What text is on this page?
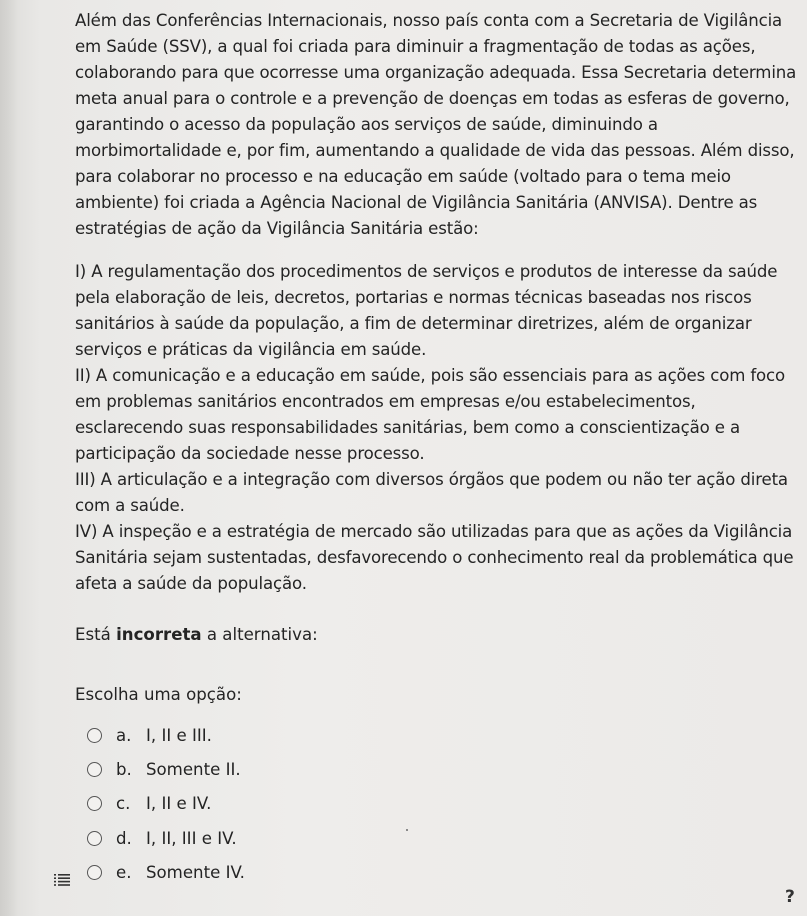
Além das Conferências Internacionais, nosso país conta com a Secretaria de Vigilância em Saúde (SSV), a qual foi criada para diminuir a fragmentação de todas as ações, colaborando para que ocorresse uma organização adequada. Essa Secretaria determina meta anual para o controle e a prevenção de doenças em todas as esferas de governo, garantindo o acesso da população aos serviços de saúde, diminuindo a morbimortalidade e, por fim, aumentando a qualidade de vida das pessoas. Além disso, para colaborar no processo e na educação em saúde (voltado para o tema meio ambiente) foi criada a Agência Nacional de Vigilância Sanitária (ANVISA). Dentre as estratégias de ação da Vigilância Sanitária estão:

I) A regulamentação dos procedimentos de serviços e produtos de interesse da saúde pela elaboração de leis, decretos, portarias e normas técnicas baseadas nos riscos sanitários à saúde da população, a fim de determinar diretrizes, além de organizar serviços e práticas da vigilância em saúde.

II) A comunicação e a educação em saúde, pois são essenciais para as ações com foco em problemas sanitários encontrados em empresas e/ou estabelecimentos, esclarecendo suas responsabilidades sanitárias, bem como a conscientização e a participação da sociedade nesse processo.

III) A articulação e a integração com diversos órgãos que podem ou não ter ação direta com a saúde.

IV) A inspeção e a estratégia de mercado são utilizadas para que as ações da Vigilância Sanitária sejam sustentadas, desfavorecendo o conhecimento real da problemática que afeta a saúde da população.

Está incorreta a alternativa:
Escolha uma opção:
a. I, II e III.
b. Somente II.
c. I, II e IV.
d. I, II, III e IV.
e. Somente IV.
?
